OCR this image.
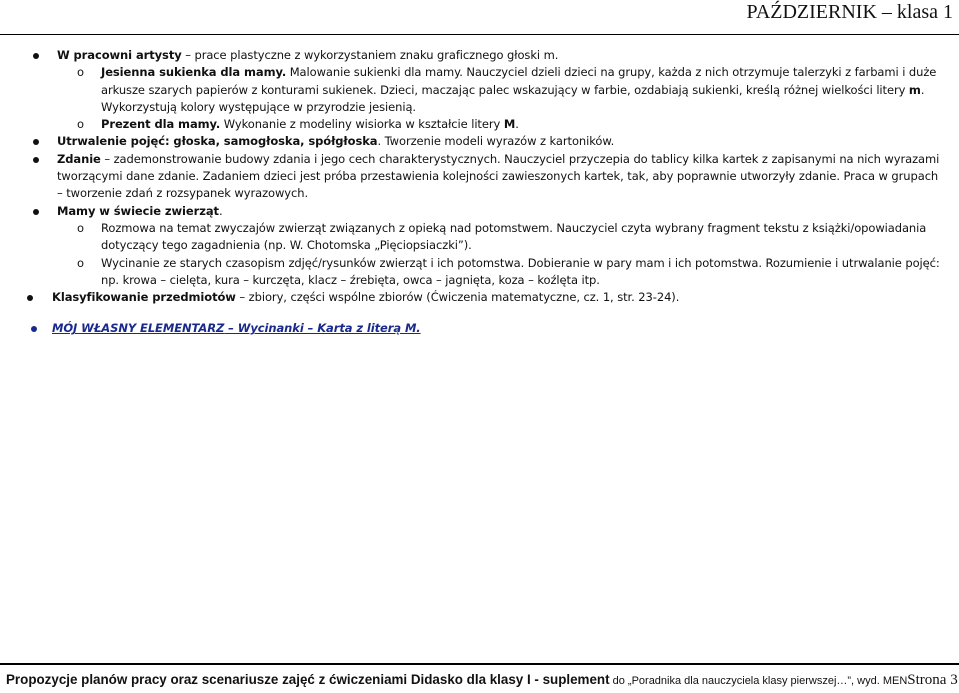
PAŹDZIERNIK – klasa 1
W pracowni artysty – prace plastyczne z wykorzystaniem znaku graficznego głoski m.
o Jesienna sukienka dla mamy. Malowanie sukienki dla mamy. Nauczyciel dzieli dzieci na grupy, każda z nich otrzymuje talerzyki z farbami i duże arkusze szarych papierów z konturami sukienek. Dzieci, maczając palec wskazujący w farbie, ozdabiają sukienki, kreślą różnej wielkości litery m. Wykorzystują kolory występujące w przyrodzie jesienią.
o Prezent dla mamy. Wykonanie z modeliny wisiorka w kształcie litery M.
Utrwalenie pojęć: głoska, samogłoska, spółgłoska. Tworzenie modeli wyrazów z kartoników.
Zdanie – zademonstrowanie budowy zdania i jego cech charakterystycznych. Nauczyciel przyczepia do tablicy kilka kartek z zapisanymi na nich wyrazami tworzącymi dane zdanie. Zadaniem dzieci jest próba przestawienia kolejności zawieszonych kartek, tak, aby poprawnie utworzyły zdanie. Praca w grupach – tworzenie zdań z rozsypanek wyrazowych.
Mamy w świecie zwierząt.
o Rozmowa na temat zwyczajów zwierząt związanych z opieką nad potomstwem. Nauczyciel czyta wybrany fragment tekstu z książki/opowiadania dotyczący tego zagadnienia (np. W. Chotomska „Pięciopsiaczki”).
o Wycinanie ze starych czasopism zdjęć/rysunków zwierząt i ich potomstwa. Dobieranie w pary mam i ich potomstwa. Rozumienie i utrwalanie pojęć: np. krowa – cielęta, kura – kurczęta, klacz – źrebięta, owca – jagnięta, koza – koźlęta itp.
Klasyfikowanie przedmiotów – zbiory, części wspólne zbiorów (Ćwiczenia matematyczne, cz. 1, str. 23-24).
MÓJ WŁASNY ELEMENTARZ – Wycinanki – Karta z literą M.
Propozycje planów pracy oraz scenariusze zajęć z ćwiczeniami Didasko dla klasy I - suplement do „Poradnika dla nauczyciela klasy pierwszej…”, wyd. MEN Strona 3
